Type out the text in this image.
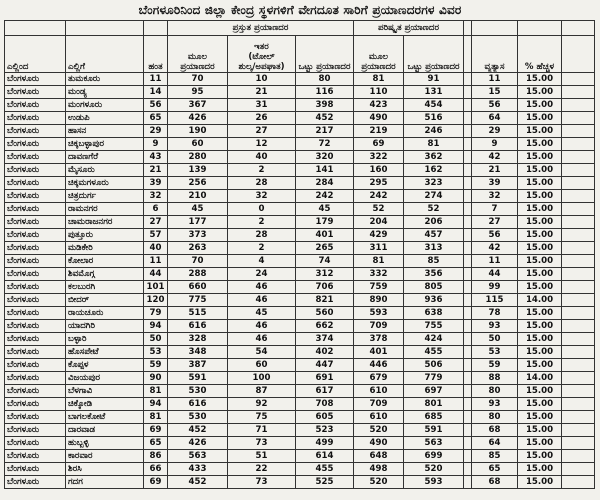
ಬೆಂಗಳೂರಿನಿಂದ ಜಿಲ್ಲಾ ಕೇಂದ್ರ ಸ್ಥಳಗಳಿಗೆ ವೇಗದೂತ ಸಾರಿಗೆ ಪ್ರಯಾಣದರಗಳ ವಿವರ
			ಪ್ರಸ್ತುತ ಪ್ರಯಾಣದರ			ಪರಿಷ್ಕೃತ ಪ್ರಯಾಣದರ					
ಎಲ್ಲಿಂದ	ಎಲ್ಲಿಗೆ	ಹಂತ	ಮೂಲ ಪ್ರಯಾಣದರ	ಇತರ
(ಟೋಲ್
ಶುಲ್ಕ/ಅಪಘಾತ)	ಒಟ್ಟು ಪ್ರಯಾಣದರ	ಮೂಲ ಪ್ರಯಾಣದರ	ಒಟ್ಟು ಪ್ರಯಾಣದರ		ವ್ಯತ್ಯಾಸ	% ಹೆಚ್ಚಳ	
ಬೆಂಗಳೂರು	ತುಮಕೂರು	11	70	10	80	81	91		11	15.00	
ಬೆಂಗಳೂರು	ಮಂಡ್ಯ	14	95	21	116	110	131		15	15.00	
ಬೆಂಗಳೂರು	ಮಂಗಳೂರು	56	367	31	398	423	454		56	15.00	
ಬೆಂಗಳೂರು	ಉಡುಪಿ	65	426	26	452	490	516		64	15.00	
ಬೆಂಗಳೂರು	ಹಾಸನ	29	190	27	217	219	246		29	15.00	
ಬೆಂಗಳೂರು	ಚಿಕ್ಕಬಳ್ಳಾಪುರ	9	60	12	72	69	81		9	15.00	
ಬೆಂಗಳೂರು	ದಾವಣಗೆರೆ	43	280	40	320	322	362		42	15.00	
ಬೆಂಗಳೂರು	ಮೈಸೂರು	21	139	2	141	160	162		21	15.00	
ಬೆಂಗಳೂರು	ಚಿಕ್ಕಮಗಳೂರು	39	256	28	284	295	323		39	15.00	
ಬೆಂಗಳೂರು	ಚಿತ್ರದುರ್ಗ	32	210	32	242	242	274		32	15.00	
ಬೆಂಗಳೂರು	ರಾಮನಗರ	6	45	0	45	52	52		7	15.00	
ಬೆಂಗಳೂರು	ಚಾಮರಾಜನಗರ	27	177	2	179	204	206		27	15.00	
ಬೆಂಗಳೂರು	ಪುತ್ತೂರು	57	373	28	401	429	457		56	15.00	
ಬೆಂಗಳೂರು	ಮಡಿಕೇರಿ	40	263	2	265	311	313		42	15.00	
ಬೆಂಗಳೂರು	ಕೋಲಾರ	11	70	4	74	81	85		11	15.00	
ಬೆಂಗಳೂರು	ಶಿವಮೊಗ್ಗ	44	288	24	312	332	356		44	15.00	
ಬೆಂಗಳೂರು	ಕಲಬುರಗಿ	101	660	46	706	759	805		99	15.00	
ಬೆಂಗಳೂರು	ಬೀದರ್	120	775	46	821	890	936		115	14.00	
ಬೆಂಗಳೂರು	ರಾಯಚೂರು	79	515	45	560	593	638		78	15.00	
ಬೆಂಗಳೂರು	ಯಾದಗಿರಿ	94	616	46	662	709	755		93	15.00	
ಬೆಂಗಳೂರು	ಬಳ್ಳಾರಿ	50	328	46	374	378	424		50	15.00	
ಬೆಂಗಳೂರು	ಹೊಸಪೇಟೆ	53	348	54	402	401	455		53	15.00	
ಬೆಂಗಳೂರು	ಕೊಪ್ಪಳ	59	387	60	447	446	506		59	15.00	
ಬೆಂಗಳೂರು	ವಿಜಯಪುರ	90	591	100	691	679	779		88	14.00	
ಬೆಂಗಳೂರು	ಬೆಳಗಾವಿ	81	530	87	617	610	697		80	15.00	
ಬೆಂಗಳೂರು	ಚಿಕ್ಕೋಡಿ	94	616	92	708	709	801		93	15.00	
ಬೆಂಗಳೂರು	ಬಾಗಲಕೋಟೆ	81	530	75	605	610	685		80	15.00	
ಬೆಂಗಳೂರು	ದಾರವಾಡ	69	452	71	523	520	591		68	15.00	
ಬೆಂಗಳೂರು	ಹುಬ್ಬಳ್ಳಿ	65	426	73	499	490	563		64	15.00	
ಬೆಂಗಳೂರು	ಕಾರವಾರ	86	563	51	614	648	699		85	15.00	
ಬೆಂಗಳೂರು	ಶಿರಸಿ	66	433	22	455	498	520		65	15.00	
ಬೆಂಗಳೂರು	ಗದಗ	69	452	73	525	520	593		68	15.00	
